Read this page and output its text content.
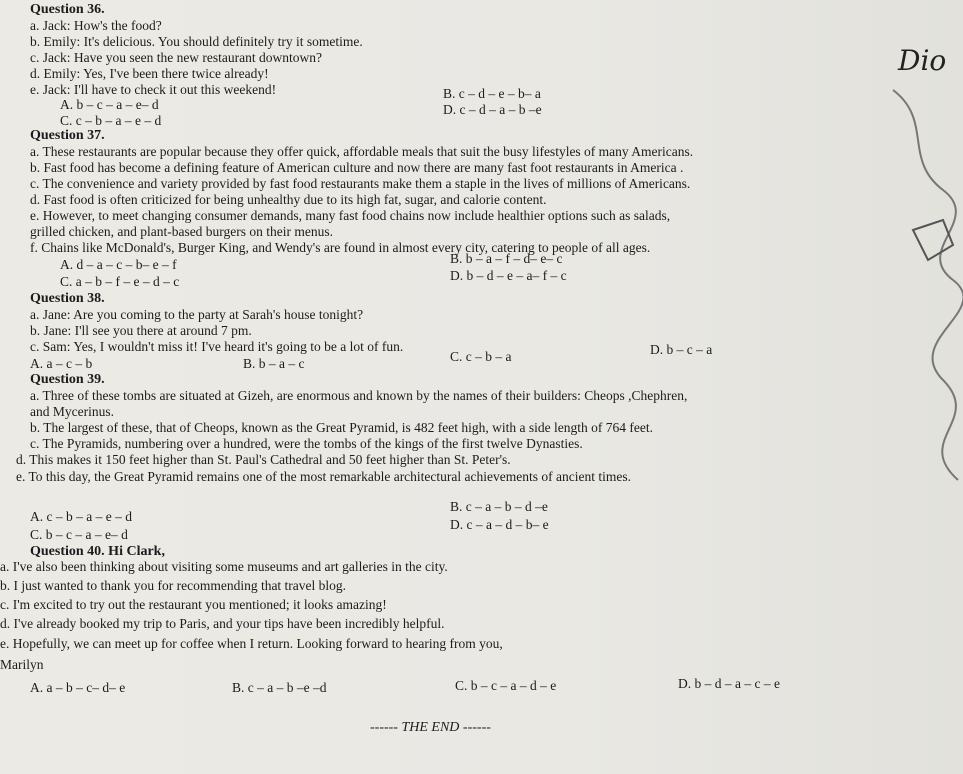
Dio
Question 36.
a. Jack: How's the food?
b. Emily: It's delicious. You should definitely try it sometime.
c. Jack: Have you seen the new restaurant downtown?
d. Emily: Yes, I've been there twice already!
e. Jack: I'll have to check it out this weekend!
A. b – c – a – e– d
B. c – d – e – b– a
C. c – b – a – e – d
D. c – d – a – b –e
Question 37.
a. These restaurants are popular because they offer quick, affordable meals that suit the busy lifestyles of many Americans.
b. Fast food has become a defining feature of American culture and now there are many fast foot restaurants in America .
c. The convenience and variety provided by fast food restaurants make them a staple in the lives of millions of Americans.
d. Fast food is often criticized for being unhealthy due to its high fat, sugar, and calorie content.
e. However, to meet changing consumer demands, many fast food chains now include healthier options such as salads,
grilled chicken, and plant-based burgers on their menus.
f. Chains like McDonald's, Burger King, and Wendy's are found in almost every city, catering to people of all ages.
A. d – a – c – b– e – f	B. b – a – f – d– e– c
C. a – b – f – e – d – c	D. b – d – e – a– f – c
Question 38.
a. Jane: Are you coming to the party at Sarah's house tonight?
b. Jane: I'll see you there at around 7 pm.
c. Sam: Yes, I wouldn't miss it! I've heard it's going to be a lot of fun.
A. a – c – b	B. b – a – c	C. c – b – a	D. b – c – a
Question 39.
a. Three of these tombs are situated at Gizeh, are enormous and known by the names of their builders: Cheops ,Chephren,
and Mycerinus.
b. The largest of these, that of Cheops, known as the Great Pyramid, is 482 feet high, with a side length of 764 feet.
c. The Pyramids, numbering over a hundred, were the tombs of the kings of the first twelve Dynasties.
d. This makes it 150 feet higher than St. Paul's Cathedral and 50 feet higher than St. Peter's.
e. To this day, the Great Pyramid remains one of the most remarkable architectural achievements of ancient times.
A. c – b – a – e – d
B. c – a – b – d –e
C. b – c – a – e– d
D. c – a – d – b– e
Question 40. Hi Clark,
a. I've also been thinking about visiting some museums and art galleries in the city.
b. I just wanted to thank you for recommending that travel blog.
c. I'm excited to try out the restaurant you mentioned; it looks amazing!
d. I've already booked my trip to Paris, and your tips have been incredibly helpful.
e. Hopefully, we can meet up for coffee when I return. Looking forward to hearing from you,
Marilyn
A. a – b – c– d– e	B. c – a – b –e –d	C. b – c – a – d – e	D. b – d – a – c – e
------ THE END ------
